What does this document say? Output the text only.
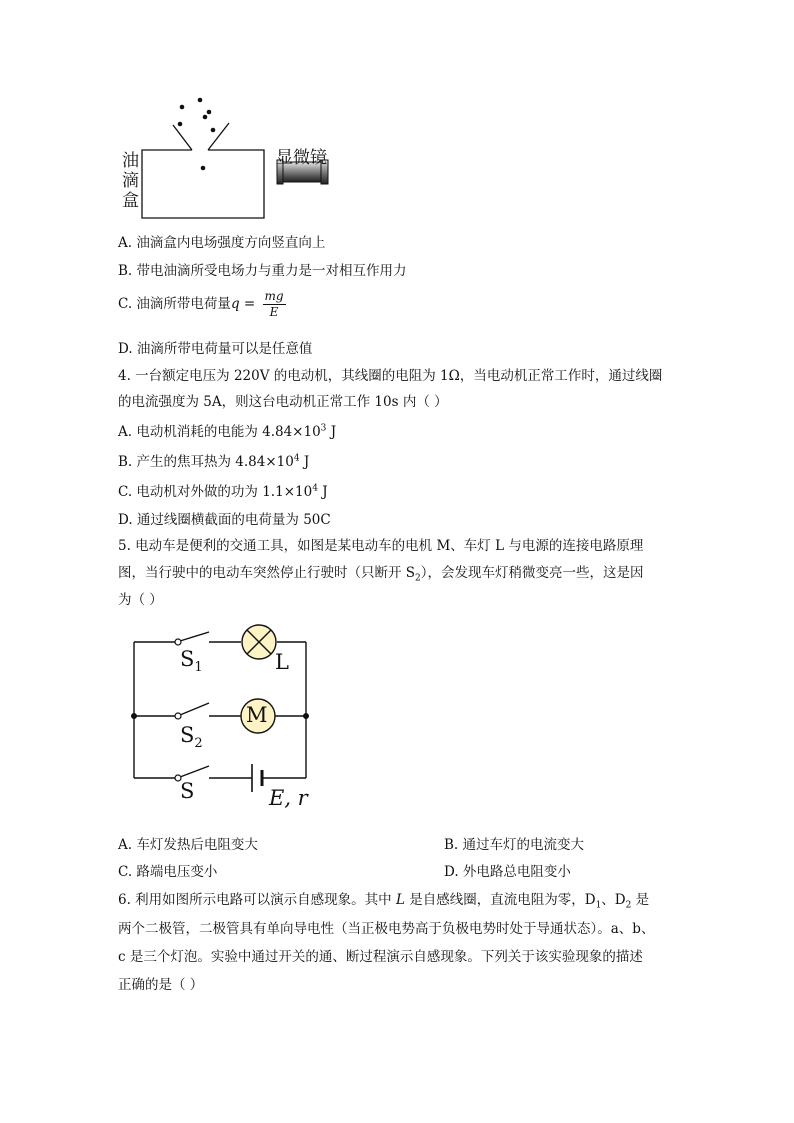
油
滴
盒
显微镜
A. 油滴盒内电场强度方向竖直向上
B. 带电油滴所受电场力与重力是一对相互作用力
C. 油滴所带电荷量$q = \frac{mg}{E}$
D. 油滴所带电荷量可以是任意值
4. 一台额定电压为 220V 的电动机，其线圈的电阻为 1Ω，当电动机正常工作时，通过线圈
的电流强度为 5A，则这台电动机正常工作 10s 内（ ）
A. 电动机消耗的电能为 $4.84\times 10^3$ J
B. 产生的焦耳热为 $4.84\times 10^4$ J
C. 电动机对外做的功为 $1.1\times 10^4$ J
D. 通过线圈横截面的电荷量为 50C
5. 电动车是便利的交通工具，如图是某电动车的电机 M、车灯 L 与电源的连接电路原理
图，当行驶中的电动车突然停止行驶时（只断开 $S_2$），会发现车灯稍微变亮一些，这是因
为（ ）
$S_1$	L
M
$S_2$
S	E, r
A. 车灯发热后电阻变大	B. 通过车灯的电流变大
C. 路端电压变小	D. 外电路总电阻变小
6. 利用如图所示电路可以演示自感现象。其中 L 是自感线圈，直流电阻为零，$D_1$、$D_2$ 是
两个二极管，二极管具有单向导电性（当正极电势高于负极电势时处于导通状态）。a、b、
c 是三个灯泡。实验中通过开关的通、断过程演示自感现象。下列关于该实验现象的描述
正确的是（ ）
